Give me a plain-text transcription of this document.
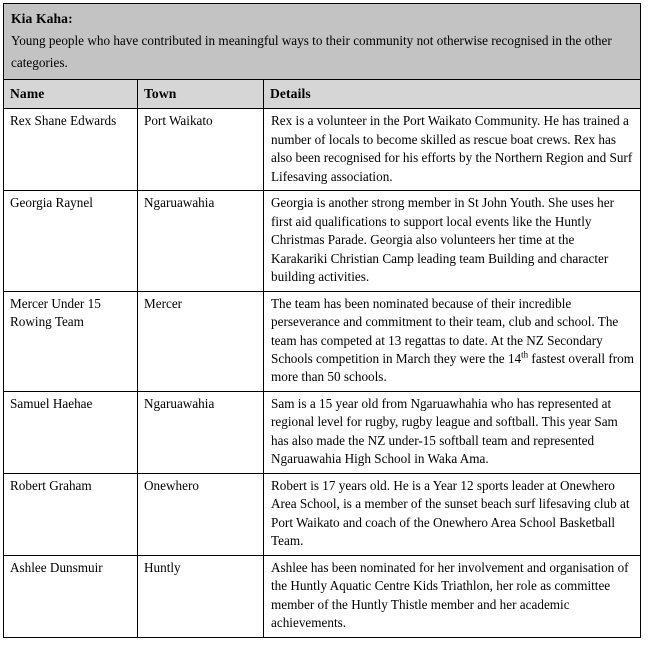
Kia Kaha:
Young people who have contributed in meaningful ways to their community not otherwise recognised in the other categories.		

Name	Town	Details
Rex Shane Edwards	Port Waikato	Rex is a volunteer in the Port Waikato Community. He has trained a number of locals to become skilled as rescue boat crews. Rex has also been recognised for his efforts by the Northern Region and Surf Lifesaving association.
Georgia Raynel	Ngaruawahia	Georgia is another strong member in St John Youth. She uses her first aid qualifications to support local events like the Huntly Christmas Parade. Georgia also volunteers her time at the Karakariki Christian Camp leading team Building and character building activities.
Mercer Under 15 Rowing Team	Mercer	The team has been nominated because of their incredible perseverance and commitment to their team, club and school. The team has competed at 13 regattas to date. At the NZ Secondary Schools competition in March they were the 14th fastest overall from more than 50 schools.
Samuel Haehae	Ngaruawahia	Sam is a 15 year old from Ngaruawhahia who has represented at regional level for rugby, rugby league and softball. This year Sam has also made the NZ under-15 softball team and represented Ngaruawahia High School in Waka Ama.
Robert Graham	Onewhero	Robert is 17 years old. He is a Year 12 sports leader at Onewhero Area School, is a member of the sunset beach surf lifesaving club at Port Waikato and coach of the Onewhero Area School Basketball Team.
Ashlee Dunsmuir	Huntly	Ashlee has been nominated for her involvement and organisation of the Huntly Aquatic Centre Kids Triathlon, her role as committee member of the Huntly Thistle member and her academic achievements.
